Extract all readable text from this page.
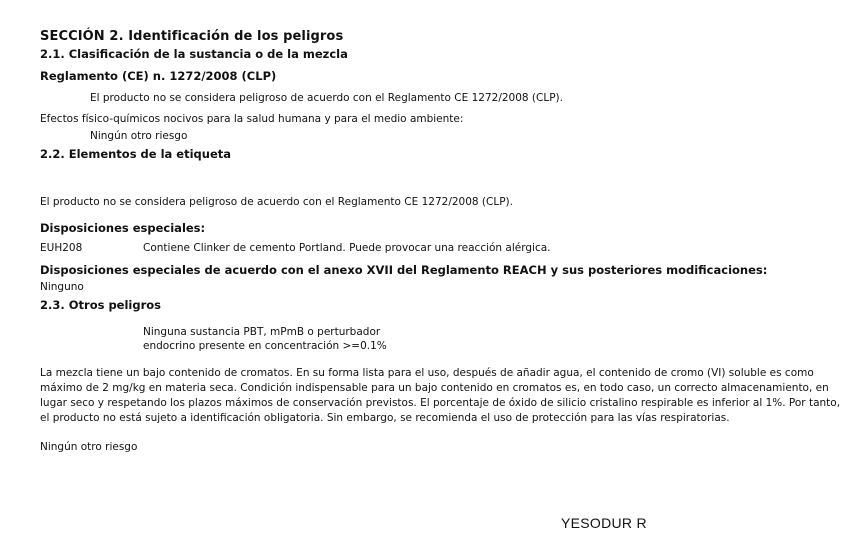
SECCIÓN 2. Identificación de los peligros
2.1. Clasificación de la sustancia o de la mezcla
Reglamento (CE) n. 1272/2008 (CLP)
El producto no se considera peligroso de acuerdo con el Reglamento CE 1272/2008 (CLP).
Efectos físico-químicos nocivos para la salud humana y para el medio ambiente:
Ningún otro riesgo
2.2. Elementos de la etiqueta
El producto no se considera peligroso de acuerdo con el Reglamento CE 1272/2008 (CLP).
Disposiciones especiales:
EUH208	Contiene Clinker de cemento Portland. Puede provocar una reacción alérgica.
Disposiciones especiales de acuerdo con el anexo XVII del Reglamento REACH y sus posteriores modificaciones:
Ninguno
2.3. Otros peligros
Ninguna sustancia PBT, mPmB o perturbador
endocrino presente en concentración >=0.1%
La mezcla tiene un bajo contenido de cromatos. En su forma lista para el uso, después de añadir agua, el contenido de cromo (VI) soluble es como máximo de 2 mg/kg en materia seca. Condición indispensable para un bajo contenido en cromatos es, en todo caso, un correcto almacenamiento, en lugar seco y respetando los plazos máximos de conservación previstos. El porcentaje de óxido de silicio cristalino respirable es inferior al 1%. Por tanto, el producto no está sujeto a identificación obligatoria. Sin embargo, se recomienda el uso de protección para las vías respiratorias.
Ningún otro riesgo
YESODUR R
